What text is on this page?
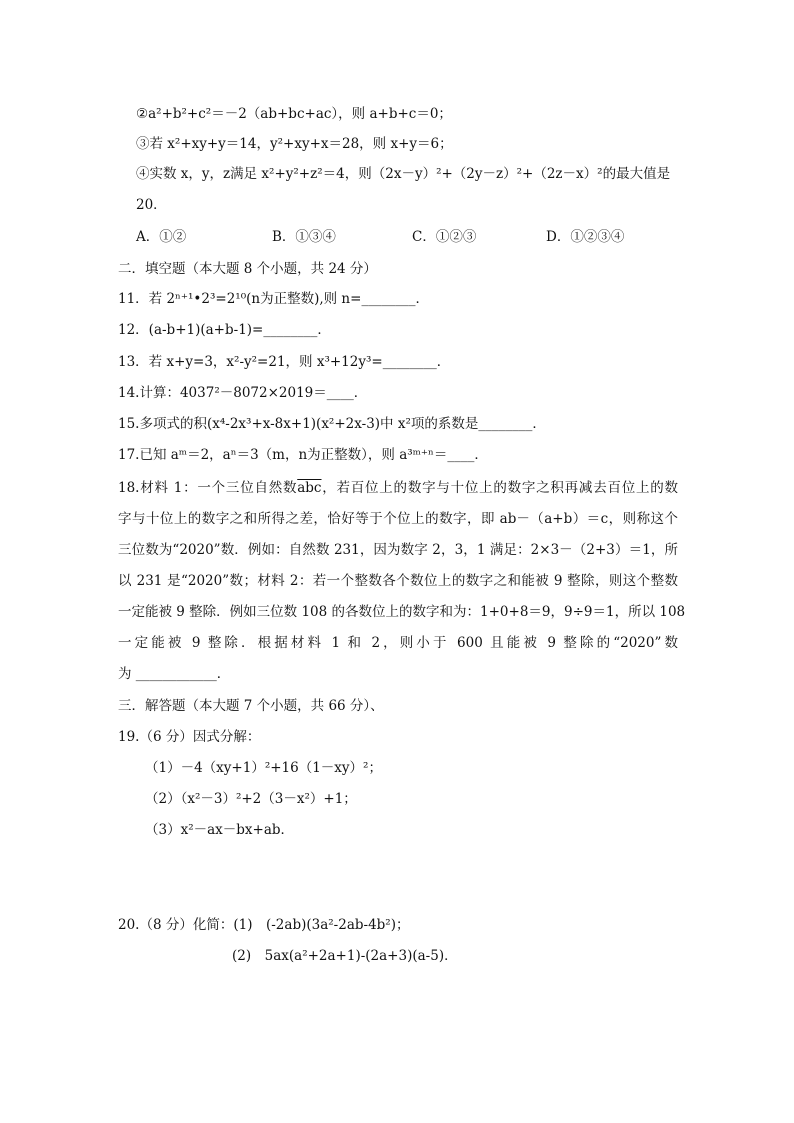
②a²+b²+c²＝－2（ab+bc+ac），则 a+b+c＝0；
③若 x²+xy+y＝14，y²+xy+x＝28，则 x+y＝6；
④实数 x，y，z满足 x²+y²+z²＝4，则（2x－y）²+（2y－z）²+（2z－x）²的最大值是
20．
A．①②	B．①③④	C．①②③	D．①②③④
二．填空题（本大题 8 个小题，共 24 分）
11．若 2ⁿ⁺¹•2³=2¹⁰(n为正整数),则 n=________．
12．(a-b+1)(a+b-1)=________．
13．若 x+y=3，x²-y²=21，则 x³+12y³=________．
14.计算：4037²－8072×2019＝____．
15.多项式的积(x⁴-2x³+x-8x+1)(x²+2x-3)中 x²项的系数是________．
17.已知 aᵐ＝2，aⁿ＝3（m，n为正整数），则 a³ᵐ⁺ⁿ＝____．
18.材料 1：一个三位自然数$\overline{abc}$，若百位上的数字与十位上的数字之积再减去百位上的数
字与十位上的数字之和所得之差，恰好等于个位上的数字，即 ab－（a+b）＝c，则称这个
三位数为“2020”数．例如：自然数 231，因为数字 2，3，1 满足：2×3－（2+3）＝1，所
以 231 是“2020”数；材料 2：若一个整数各个数位上的数字之和能被 9 整除，则这个整数
一定能被 9 整除．例如三位数 108 的各数位上的数字和为：1+0+8＝9，9÷9＝1，所以 108
一定能被 9 整除．根据材料 1 和 2，则小于 600 且能被 9 整除的“2020”数
为 ____________．
三．解答题（本大题 7 个小题，共 66 分）、
19.（6 分）因式分解：
（1）－4（xy+1）²+16（1－xy）²；
（2）（x²－3）²+2（3－x²）+1；
（3）x²－ax－bx+ab．
20.（8 分）化简：(1)　(-2ab)(3a²-2ab-4b²)；
(2)　5ax(a²+2a+1)-(2a+3)(a-5)．
